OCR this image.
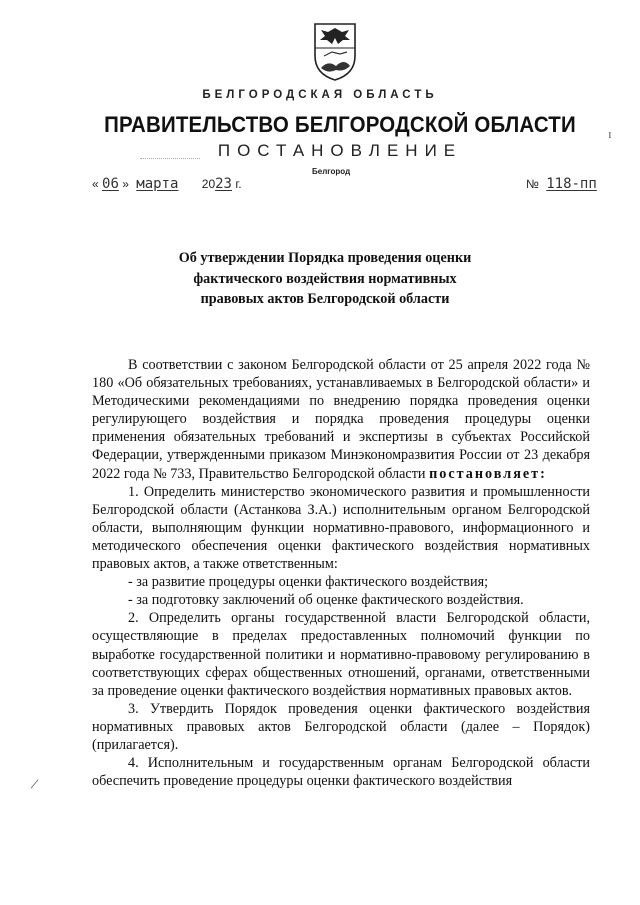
ɪ
БЕЛГОРОДСКАЯ ОБЛАСТЬ
ПРАВИТЕЛЬСТВО БЕЛГОРОДСКОЙ ОБЛАСТИ
ПОСТАНОВЛЕНИЕ
Белгород
« 06 » марта 2023 г.	№ 118-пп
Об утверждении Порядка проведения оценки
фактического воздействия нормативных
правовых актов Белгородской области

В соответствии с законом Белгородской области от 25 апреля 2022 года № 180 «Об обязательных требованиях, устанавливаемых в Белгородской области» и Методическими рекомендациями по внедрению порядка проведения оценки регулирующего воздействия и порядка проведения процедуры оценки применения обязательных требований и экспертизы в субъектах Российской Федерации, утвержденными приказом Минэкономразвития России от 23 декабря 2022 года № 733, Правительство Белгородской области постановляет:

1. Определить министерство экономического развития и промышленности Белгородской области (Астанкова З.А.) исполнительным органом Белгородской области, выполняющим функции нормативно-правового, информационного и методического обеспечения оценки фактического воздействия нормативных правовых актов, а также ответственным:

- за развитие процедуры оценки фактического воздействия;

- за подготовку заключений об оценке фактического воздействия.

2. Определить органы государственной власти Белгородской области, осуществляющие в пределах предоставленных полномочий функции по выработке государственной политики и нормативно-правовому регулированию в соответствующих сферах общественных отношений, органами, ответственными за проведение оценки фактического воздействия нормативных правовых актов.

3. Утвердить Порядок проведения оценки фактического воздействия нормативных правовых актов Белгородской области (далее – Порядок) (прилагается).

4. Исполнительным и государственным органам Белгородской области обеспечить проведение процедуры оценки фактического воздействия

/
